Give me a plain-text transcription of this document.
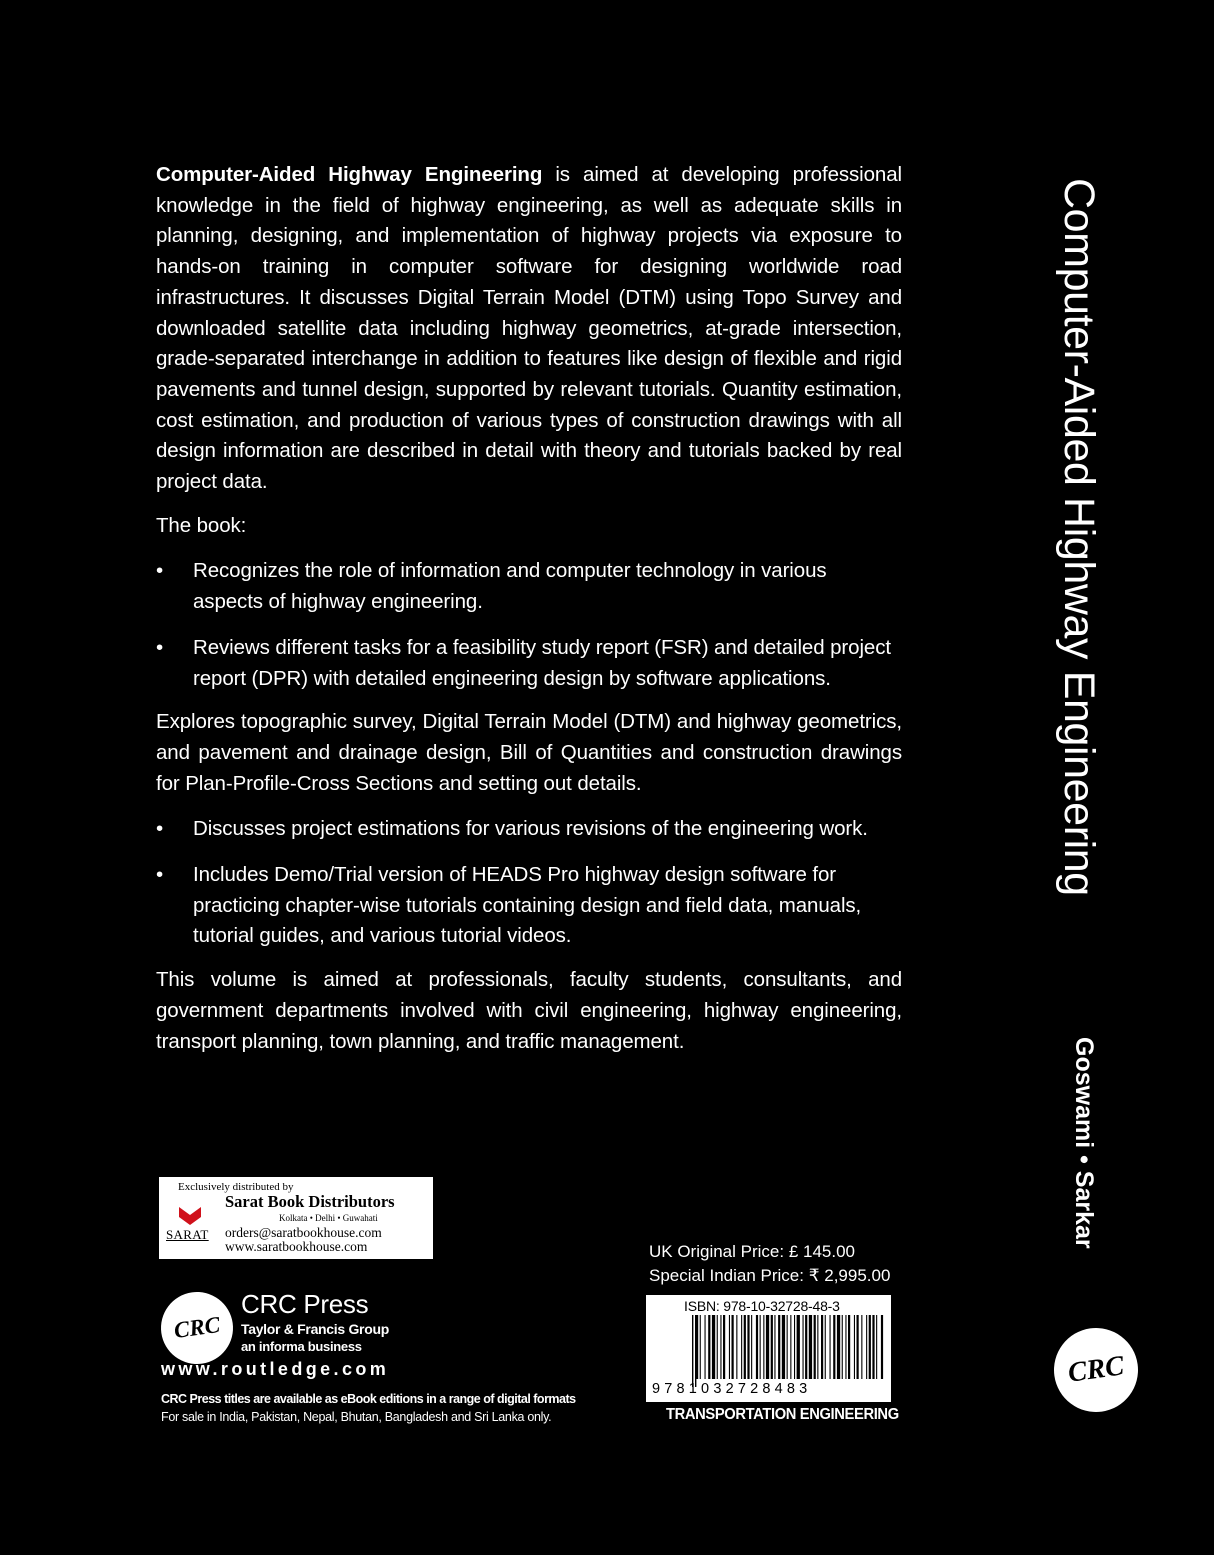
Computer-Aided Highway Engineering is aimed at developing professional knowledge in the field of highway engineering, as well as adequate skills in planning, designing, and implementation of highway projects via exposure to hands-on training in computer software for designing worldwide road infrastructures. It discusses Digital Terrain Model (DTM) using Topo Survey and downloaded satellite data including highway geometrics, at-grade intersection, grade-separated interchange in addition to features like design of flexible and rigid pavements and tunnel design, supported by relevant tutorials. Quantity estimation, cost estimation, and production of various types of construction drawings with all design information are described in detail with theory and tutorials backed by real project data.

The book:

• Recognizes the role of information and computer technology in various aspects of highway engineering.
• Reviews different tasks for a feasibility study report (FSR) and detailed project report (DPR) with detailed engineering design by software applications.

Explores topographic survey, Digital Terrain Model (DTM) and highway geometrics, and pavement and drainage design, Bill of Quantities and construction drawings for Plan-Profile-Cross Sections and setting out details.

• Discusses project estimations for various revisions of the engineering work.
• Includes Demo/Trial version of HEADS Pro highway design software for practicing chapter-wise tutorials containing design and field data, manuals, tutorial guides, and various tutorial videos.

This volume is aimed at professionals, faculty students, consultants, and government departments involved with civil engineering, highway engineering, transport planning, town planning, and traffic management.

Computer-Aided Highway Engineering
Goswami • Sarkar
CRC
Exclusively distributed by
Sarat Book Distributors
Kolkata • Delhi • Guwahati
orders@saratbookhouse.com
www.saratbookhouse.com
SARAT
CRC
CRC Press
Taylor & Francis Group
an informa business
www.routledge.com
CRC Press titles are available as eBook editions in a range of digital formats
For sale in India, Pakistan, Nepal, Bhutan, Bangladesh and Sri Lanka only.
UK Original Price: £ 145.00
Special Indian Price: ₹ 2,995.00
ISBN: 978-10-32728-48-3
9781032728483
TRANSPORTATION ENGINEERING
